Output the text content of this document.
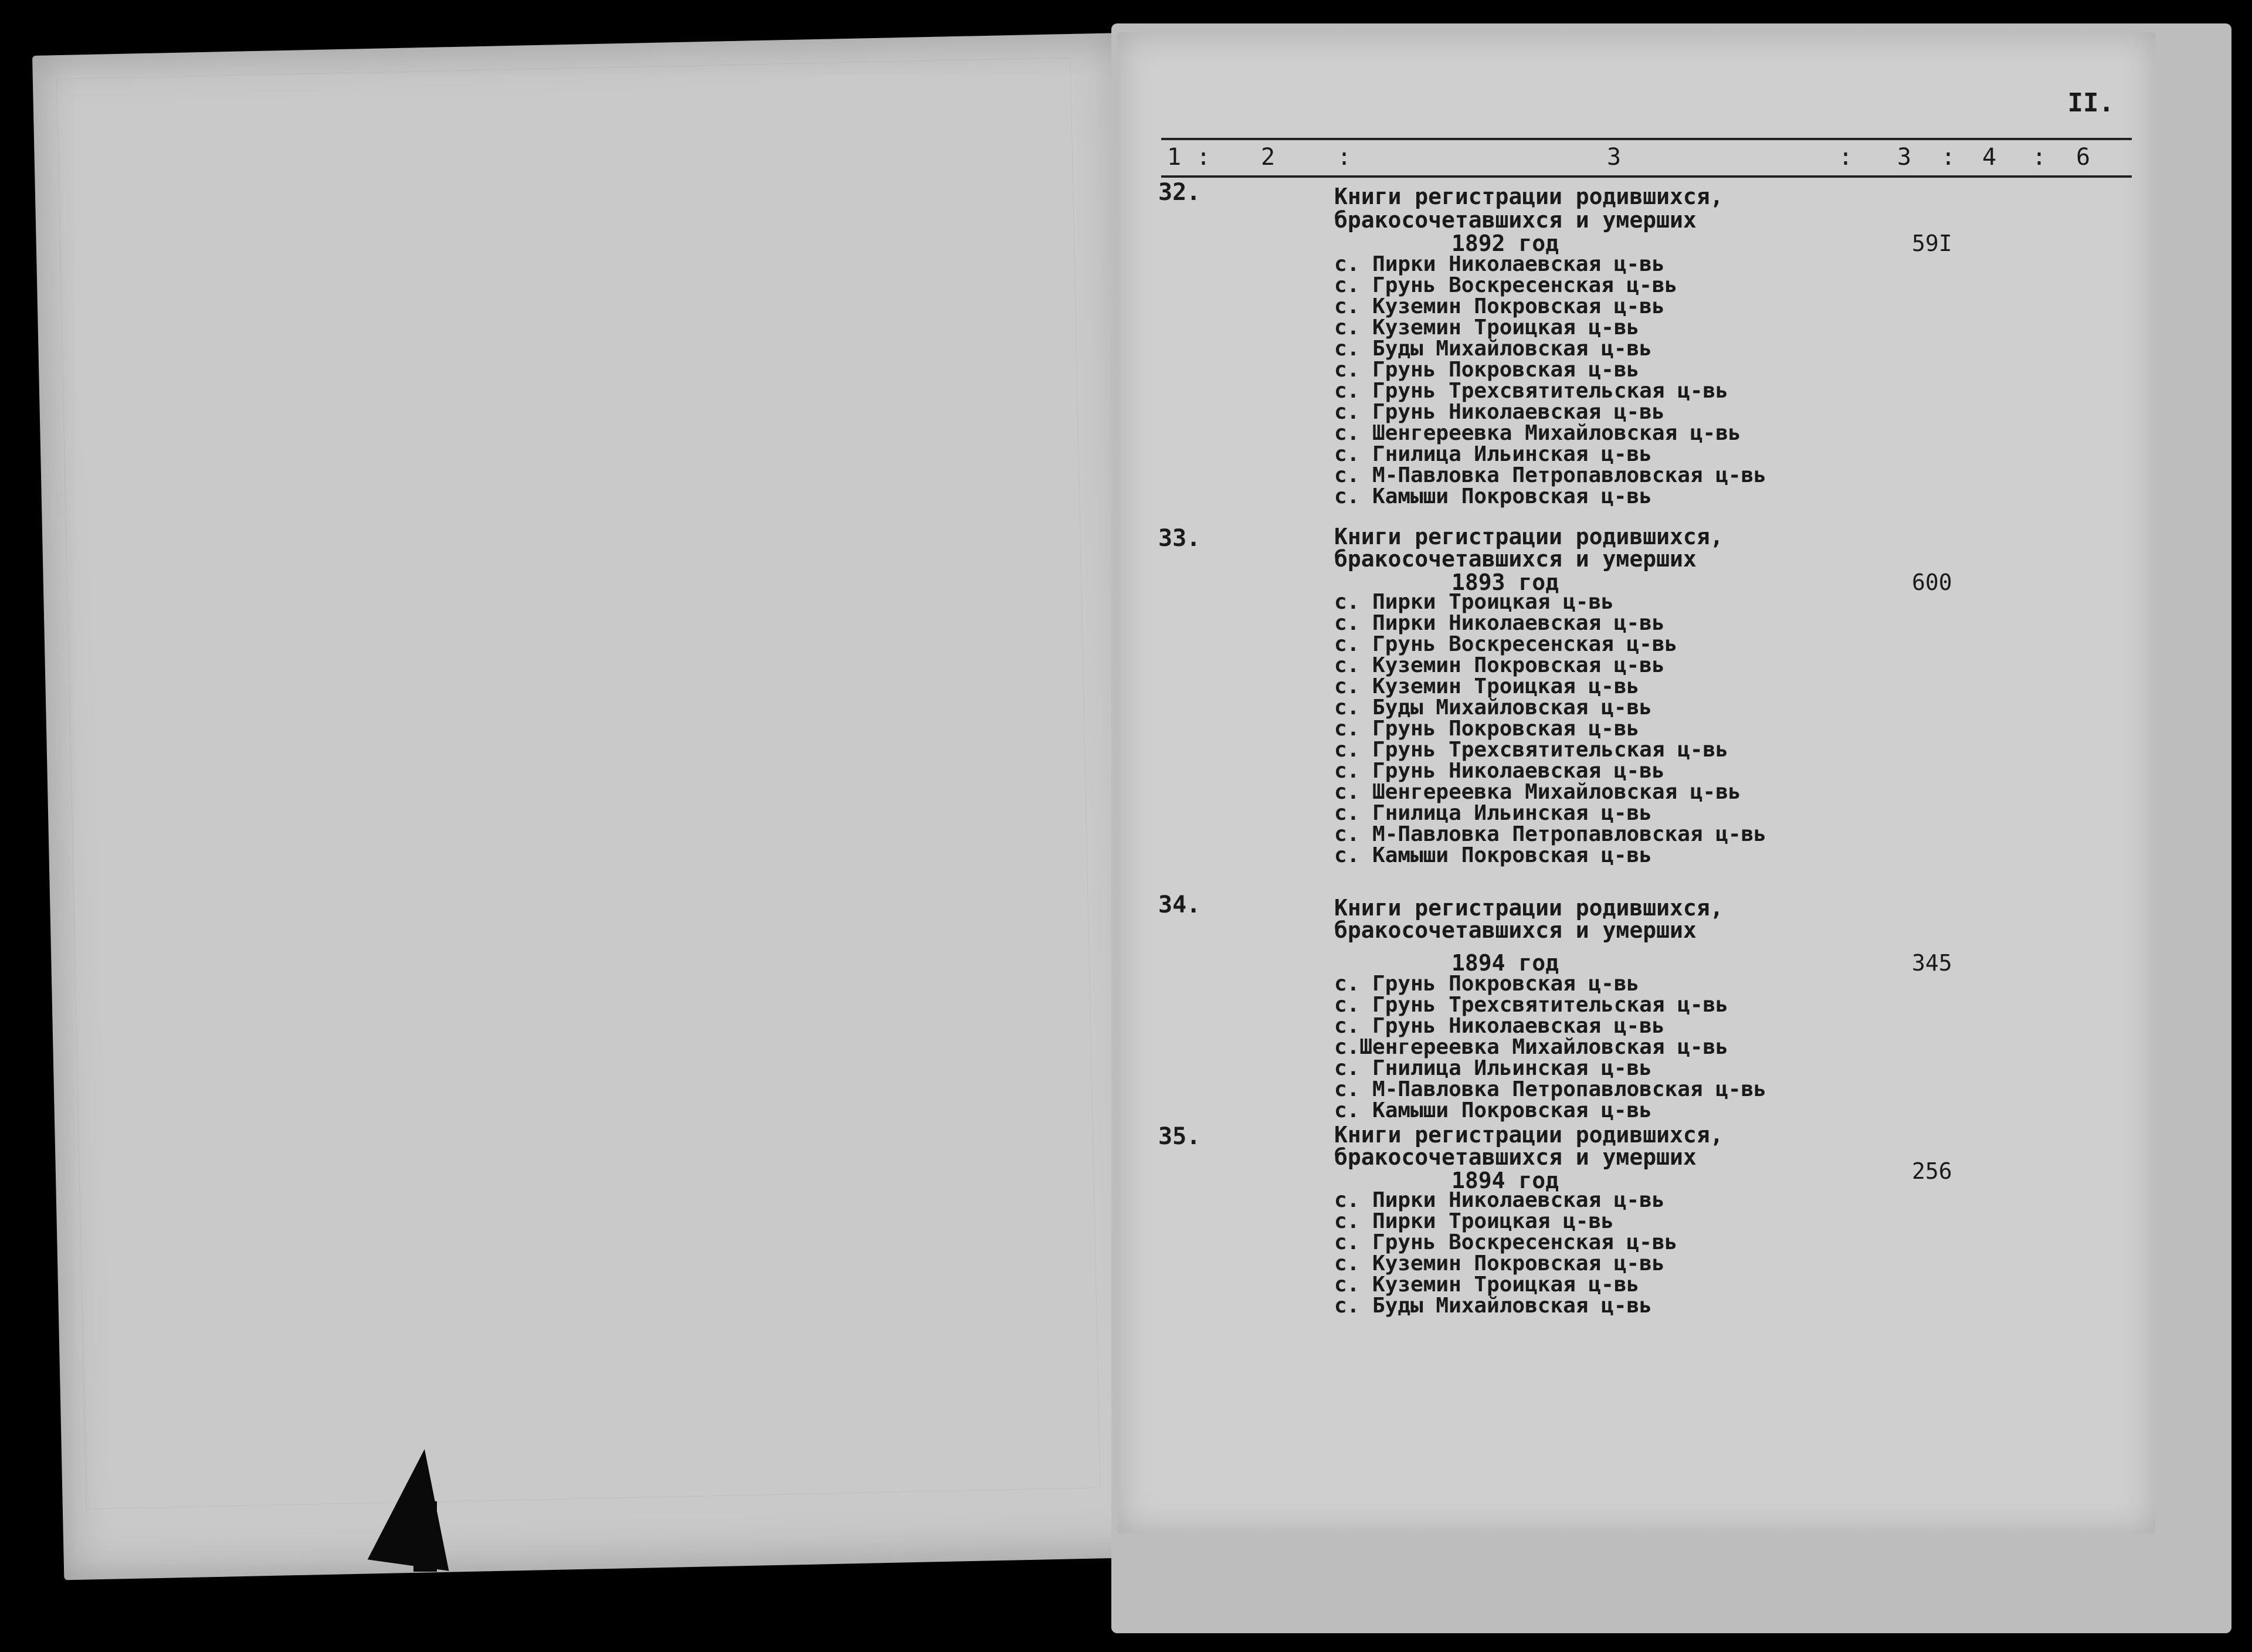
II.
1 : 2	:	3	: 3 : 4 : 6
32.	Книги регистрации родившихся,
бракосочетавшихся и умерших
1892 год	59I
с. Пирки Николаевская ц-вь
с. Грунь Воскресенская ц-вь
с. Куземин Покровская ц-вь
с. Куземин Троицкая ц-вь
с. Буды Михайловская ц-вь
с. Грунь Покровская ц-вь
с. Грунь Трехсвятительская ц-вь
с. Грунь Николаевская ц-вь
с. Шенгереевка Михайловская ц-вь
с. Гнилица Ильинская ц-вь
с. М-Павловка Петропавловская ц-вь
с. Камыши Покровская ц-вь
33.	Книги регистрации родившихся,
бракосочетавшихся и умерших
1893 год	600
с. Пирки Троицкая ц-вь
с. Пирки Николаевская ц-вь
с. Грунь Воскресенская ц-вь
с. Куземин Покровская ц-вь
с. Куземин Троицкая ц-вь
с. Буды Михайловская ц-вь
с. Грунь Покровская ц-вь
с. Грунь Трехсвятительская ц-вь
с. Грунь Николаевская ц-вь
с. Шенгереевка Михайловская ц-вь
с. Гнилица Ильинская ц-вь
с. М-Павловка Петропавловская ц-вь
с. Камыши Покровская ц-вь
34.	Книги регистрации родившихся,
бракосочетавшихся и умерших
1894 год	345
с. Грунь Покровская ц-вь
с. Грунь Трехсвятительская ц-вь
с. Грунь Николаевская ц-вь
с.Шенгереевка Михайловская ц-вь
с. Гнилица Ильинская ц-вь
с. М-Павловка Петропавловская ц-вь
с. Камыши Покровская ц-вь
35.	Книги регистрации родившихся,
бракосочетавшихся и умерших
1894 год	256
с. Пирки Николаевская ц-вь
с. Пирки Троицкая ц-вь
с. Грунь Воскресенская ц-вь
с. Куземин Покровская ц-вь
с. Куземин Троицкая ц-вь
с. Буды Михайловская ц-вь
